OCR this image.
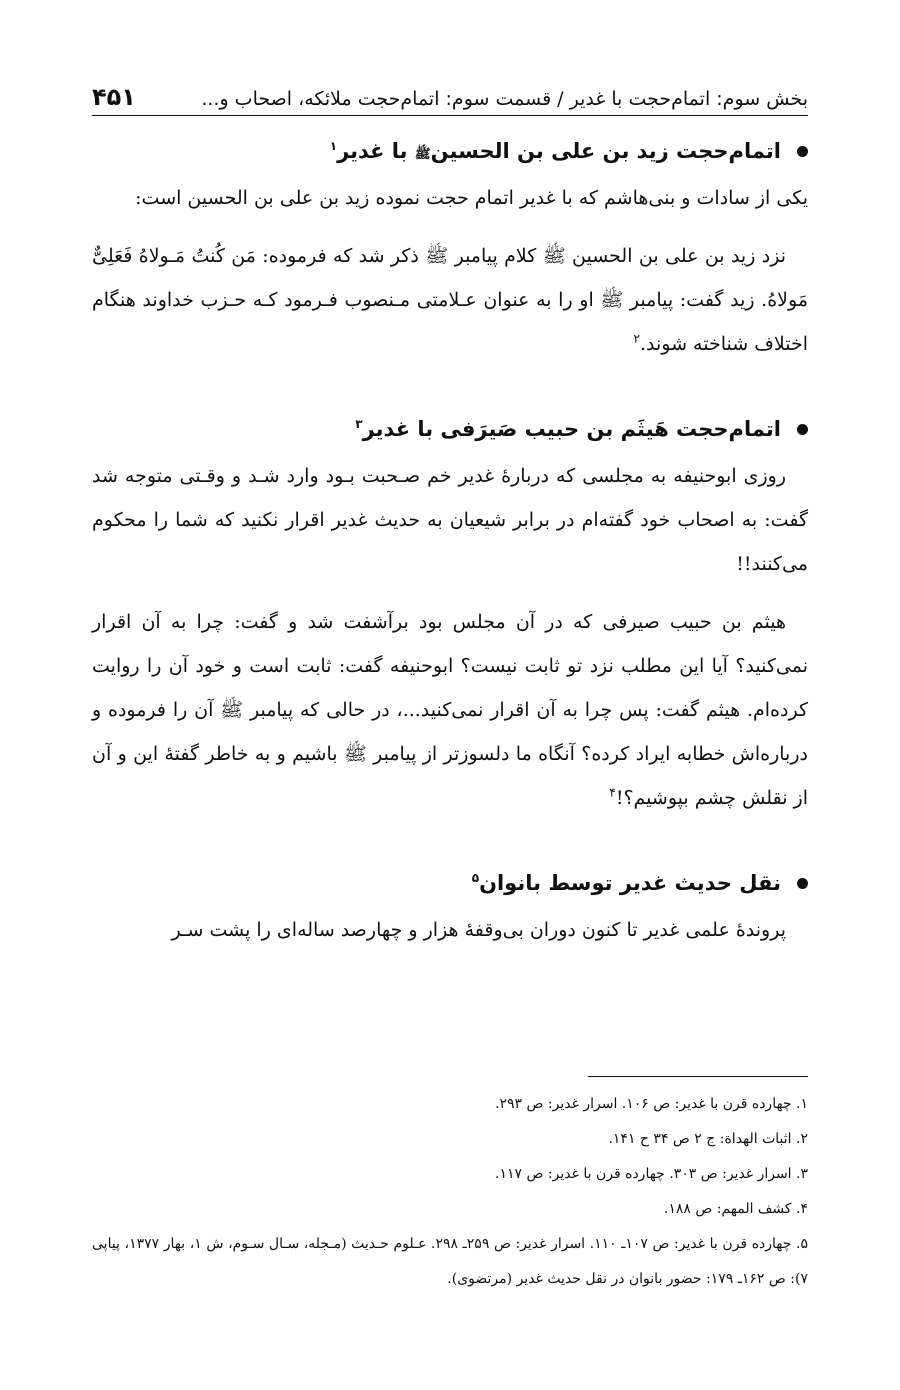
بخش سوم: اتمام‌حجت با غدیر / قسمت سوم: اتمام‌حجت ملائکه، اصحاب و...
۴۵۱
اتمام‌حجت زید بن علی بن الحسینﷺ با غدیر$^۱$

یکی از سادات و بنی‌هاشم که با غدیر اتمام حجت نموده زید بن علی بن الحسین است:

نزد زید بن علی بن الحسین ﷺ کلام پیامبر ﷺ ذکر شد که فرموده: مَن کُنتُ مَـولاهُ فَعَلِیٌّ مَولاهُ. زید گفت: پیامبر ﷺ او را به عنوان عـلامتی مـنصوب فـرمود کـه حـزب خداوند هنگام اختلاف شناخته شوند.$^۲$

اتمام‌حجت هَیثَم بن حبیب صَیرَفی با غدیر$^۳$

روزی ابوحنیفه به مجلسی که دربارهٔ غدیر خم صـحبت بـود وارد شـد و وقـتی متوجه شد گفت: به اصحاب خود گفته‌ام در برابر شیعیان به حدیث غدیر اقرار نکنید که شما را محکوم می‌کنند!!

هیثم بن حبیب صیرفی که در آن مجلس بود برآشفت شد و گفت: چرا به آن اقرار نمی‌کنید؟ آیا این مطلب نزد تو ثابت نیست؟ ابوحنیفه گفت: ثابت است و خود آن را روایت کرده‌ام. هیثم گفت: پس چرا به آن اقرار نمی‌کنید...، در حالی که پیامبر ﷺ آن را فرموده و درباره‌اش خطابه ایراد کرده؟ آنگاه ما دلسوزتر از پیامبر ﷺ باشیم و به خاطر گفتهٔ این و آن از نقلش چشم بپوشیم؟!$^۴$

نقل حدیث غدیر توسط بانوان$^۵$

پروندهٔ علمی غدیر تا کنون دوران بی‌وقفهٔ هزار و چهارصد ساله‌ای را پشت سـر

۱. چهارده قرن با غدیر: ص ۱۰۶. اسرار غدیر: ص ۲۹۳.

۲. اثبات الهداة: ج ۲ ص ۳۴ ح ۱۴۱.

۳. اسرار غدیر: ص ۳۰۳. چهارده قرن با غدیر: ص ۱۱۷.

۴. کشف المهم: ص ۱۸۸.

۵. چهارده قرن با غدیر: ص ۱۰۷ـ ۱۱۰. اسرار غدیر: ص ۲۵۹ـ ۲۹۸. عـلوم حـدیث (مـجله، سـال سـوم، ش ۱، بهار ۱۳۷۷، پیاپی ۷): ص ۱۶۲ـ ۱۷۹: حضور بانوان در نقل حدیث غدیر (مرتضوی).
